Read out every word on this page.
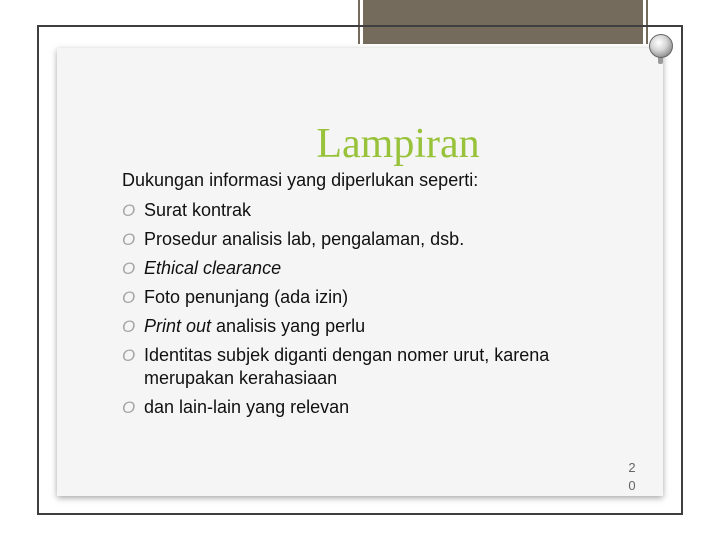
Lampiran
Dukungan informasi yang diperlukan seperti:
O Surat kontrak
O Prosedur analisis lab, pengalaman, dsb.
O Ethical clearance
O Foto penunjang (ada izin)
O Print out analisis yang perlu
O Identitas subjek diganti dengan nomer urut, karena merupakan kerahasiaan
O dan lain-lain yang relevan
2
0
